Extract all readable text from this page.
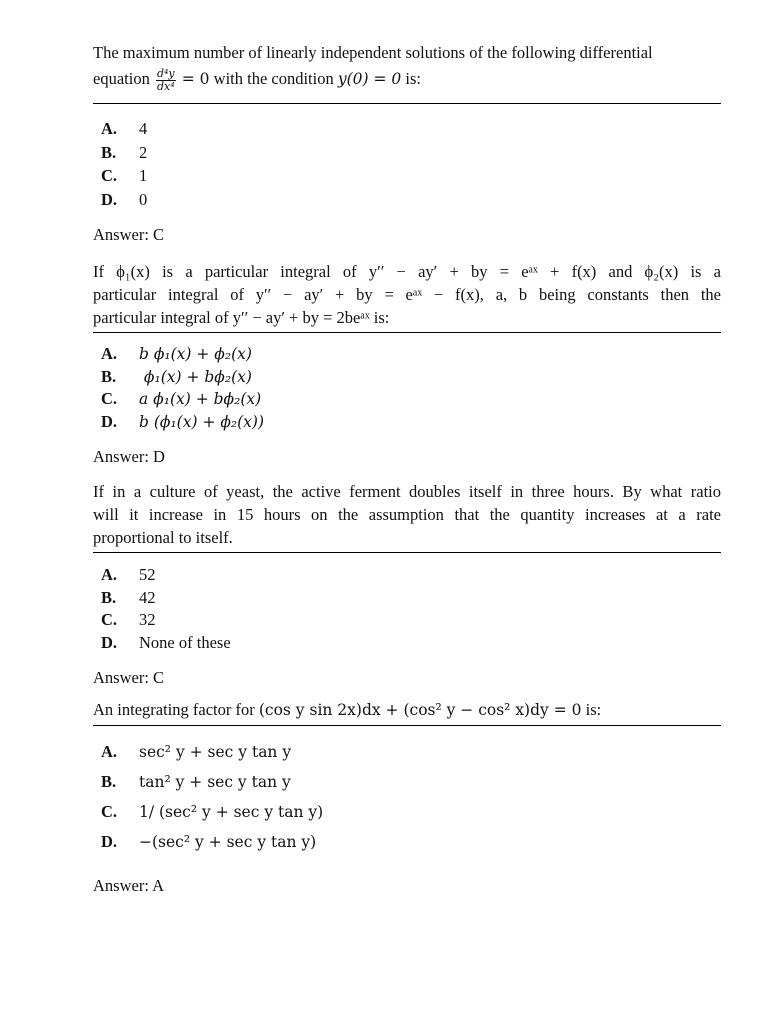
The maximum number of linearly independent solutions of the following differential
equation $\frac{\text{d⁴y}}{\text{dx⁴}} = 0$ with the condition y(0) = 0 is:
A.	4
B.	2
C.	1
D.	0

Answer: C

If ϕ₁(x) is a particular integral of y′′ − ay′ + by = eᵃˣ + f(x) and ϕ₂(x) is a
particular integral of y′′ − ay′ + by = eᵃˣ − f(x), a, b being constants then the
particular integral of y′′ − ay′ + by = 2beᵃˣ is:
A.	b ϕ₁(x) + ϕ₂(x)
B.	ϕ₁(x) + bϕ₂(x)
C.	a ϕ₁(x) + bϕ₂(x)
D.	b (ϕ₁(x) + ϕ₂(x))

Answer: D

If in a culture of yeast, the active ferment doubles itself in three hours. By what ratio
will it increase in 15 hours on the assumption that the quantity increases at a rate
proportional to itself.
A.	52
B.	42
C.	32
D.	None of these

Answer: C

An integrating factor for (cos y sin 2x)dx + (cos² y − cos² x)dy = 0 is:
A.	sec² y + sec y tan y
B.	tan² y + sec y tan y
C.	1/ (sec² y + sec y tan y)
D.	−(sec² y + sec y tan y)

Answer: A
